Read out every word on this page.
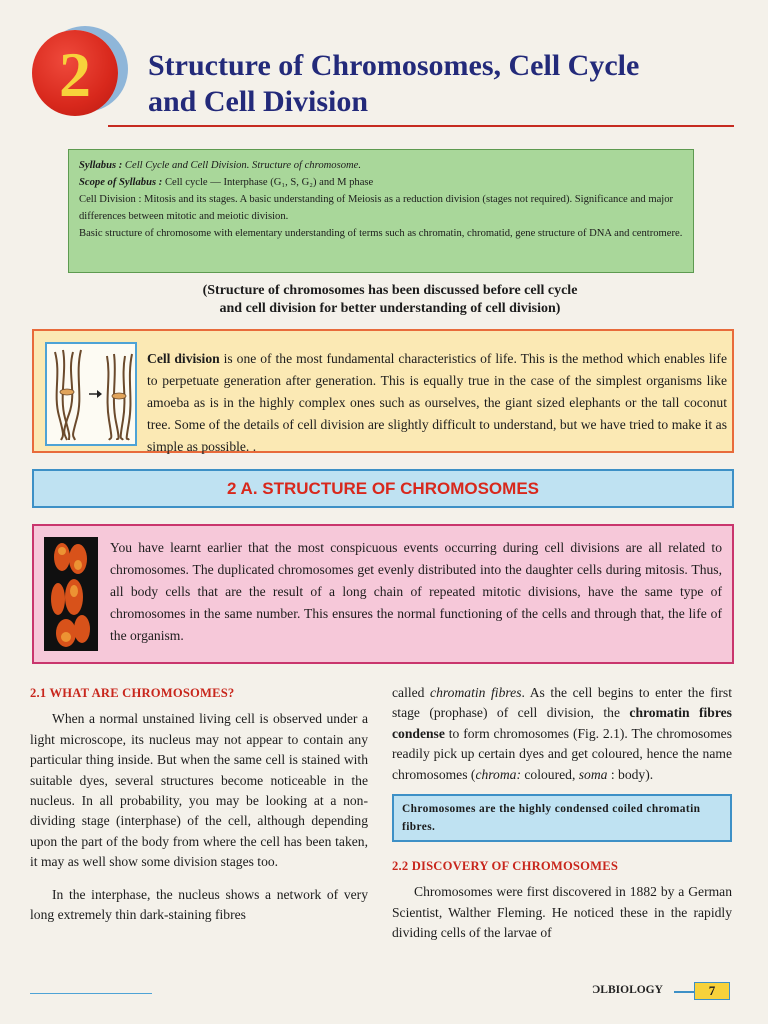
2	Structure of Chromosomes, Cell Cycle
and Cell Division

Syllabus : Cell Cycle and Cell Division. Structure of chromosome.

Scope of Syllabus : Cell cycle — Interphase (G₁, S, G₂) and M phase

Cell Division : Mitosis and its stages. A basic understanding of Meiosis as a reduction division (stages not required). Significance and major differences between mitotic and meiotic division.

Basic structure of chromosome with elementary understanding of terms such as chromatin, chromatid, gene structure of DNA and centromere.

(Structure of chromosomes has been discussed before cell cycle
and cell division for better understanding of cell division)
Cell division is one of the most fundamental characteristics of life. This is the method which enables life to perpetuate generation after generation. This is equally true in the case of the simplest organisms like amoeba as is in the highly complex ones such as ourselves, the giant sized elephants or the tall coconut tree. Some of the details of cell division are slightly difficult to understand, but we have tried to make it as simple as possible. .
2 A. STRUCTURE OF CHROMOSOMES
You have learnt earlier that the most conspicuous events occurring during cell divisions are all related to chromosomes. The duplicated chromosomes get evenly distributed into the daughter cells during mitosis. Thus, all body cells that are the result of a long chain of repeated mitotic divisions, have the same type of chromosomes in the same number. This ensures the normal functioning of the cells and through that, the life of the organism.

2.1 WHAT ARE CHROMOSOMES?

When a normal unstained living cell is observed under a light microscope, its nucleus may not appear to contain any particular thing inside. But when the same cell is stained with suitable dyes, several structures become noticeable in the nucleus. In all probability, you may be looking at a non-dividing stage (interphase) of the cell, although depending upon the part of the body from where the cell has been taken, it may as well show some division stages too.

In the interphase, the nucleus shows a network of very long extremely thin dark-staining fibres

called chromatin fibres. As the cell begins to enter the first stage (prophase) of cell division, the chromatin fibres condense to form chromosomes (Fig. 2.1). The chromosomes readily pick up certain dyes and get coloured, hence the name chromosomes (chroma: coloured, soma : body).

Chromosomes are the highly condensed coiled chromatin fibres.

2.2 DISCOVERY OF CHROMOSOMES

Chromosomes were first discovered in 1882 by a German Scientist, Walther Fleming. He noticed these in the rapidly dividing cells of the larvae of

ƆLBIOLOGY	7
